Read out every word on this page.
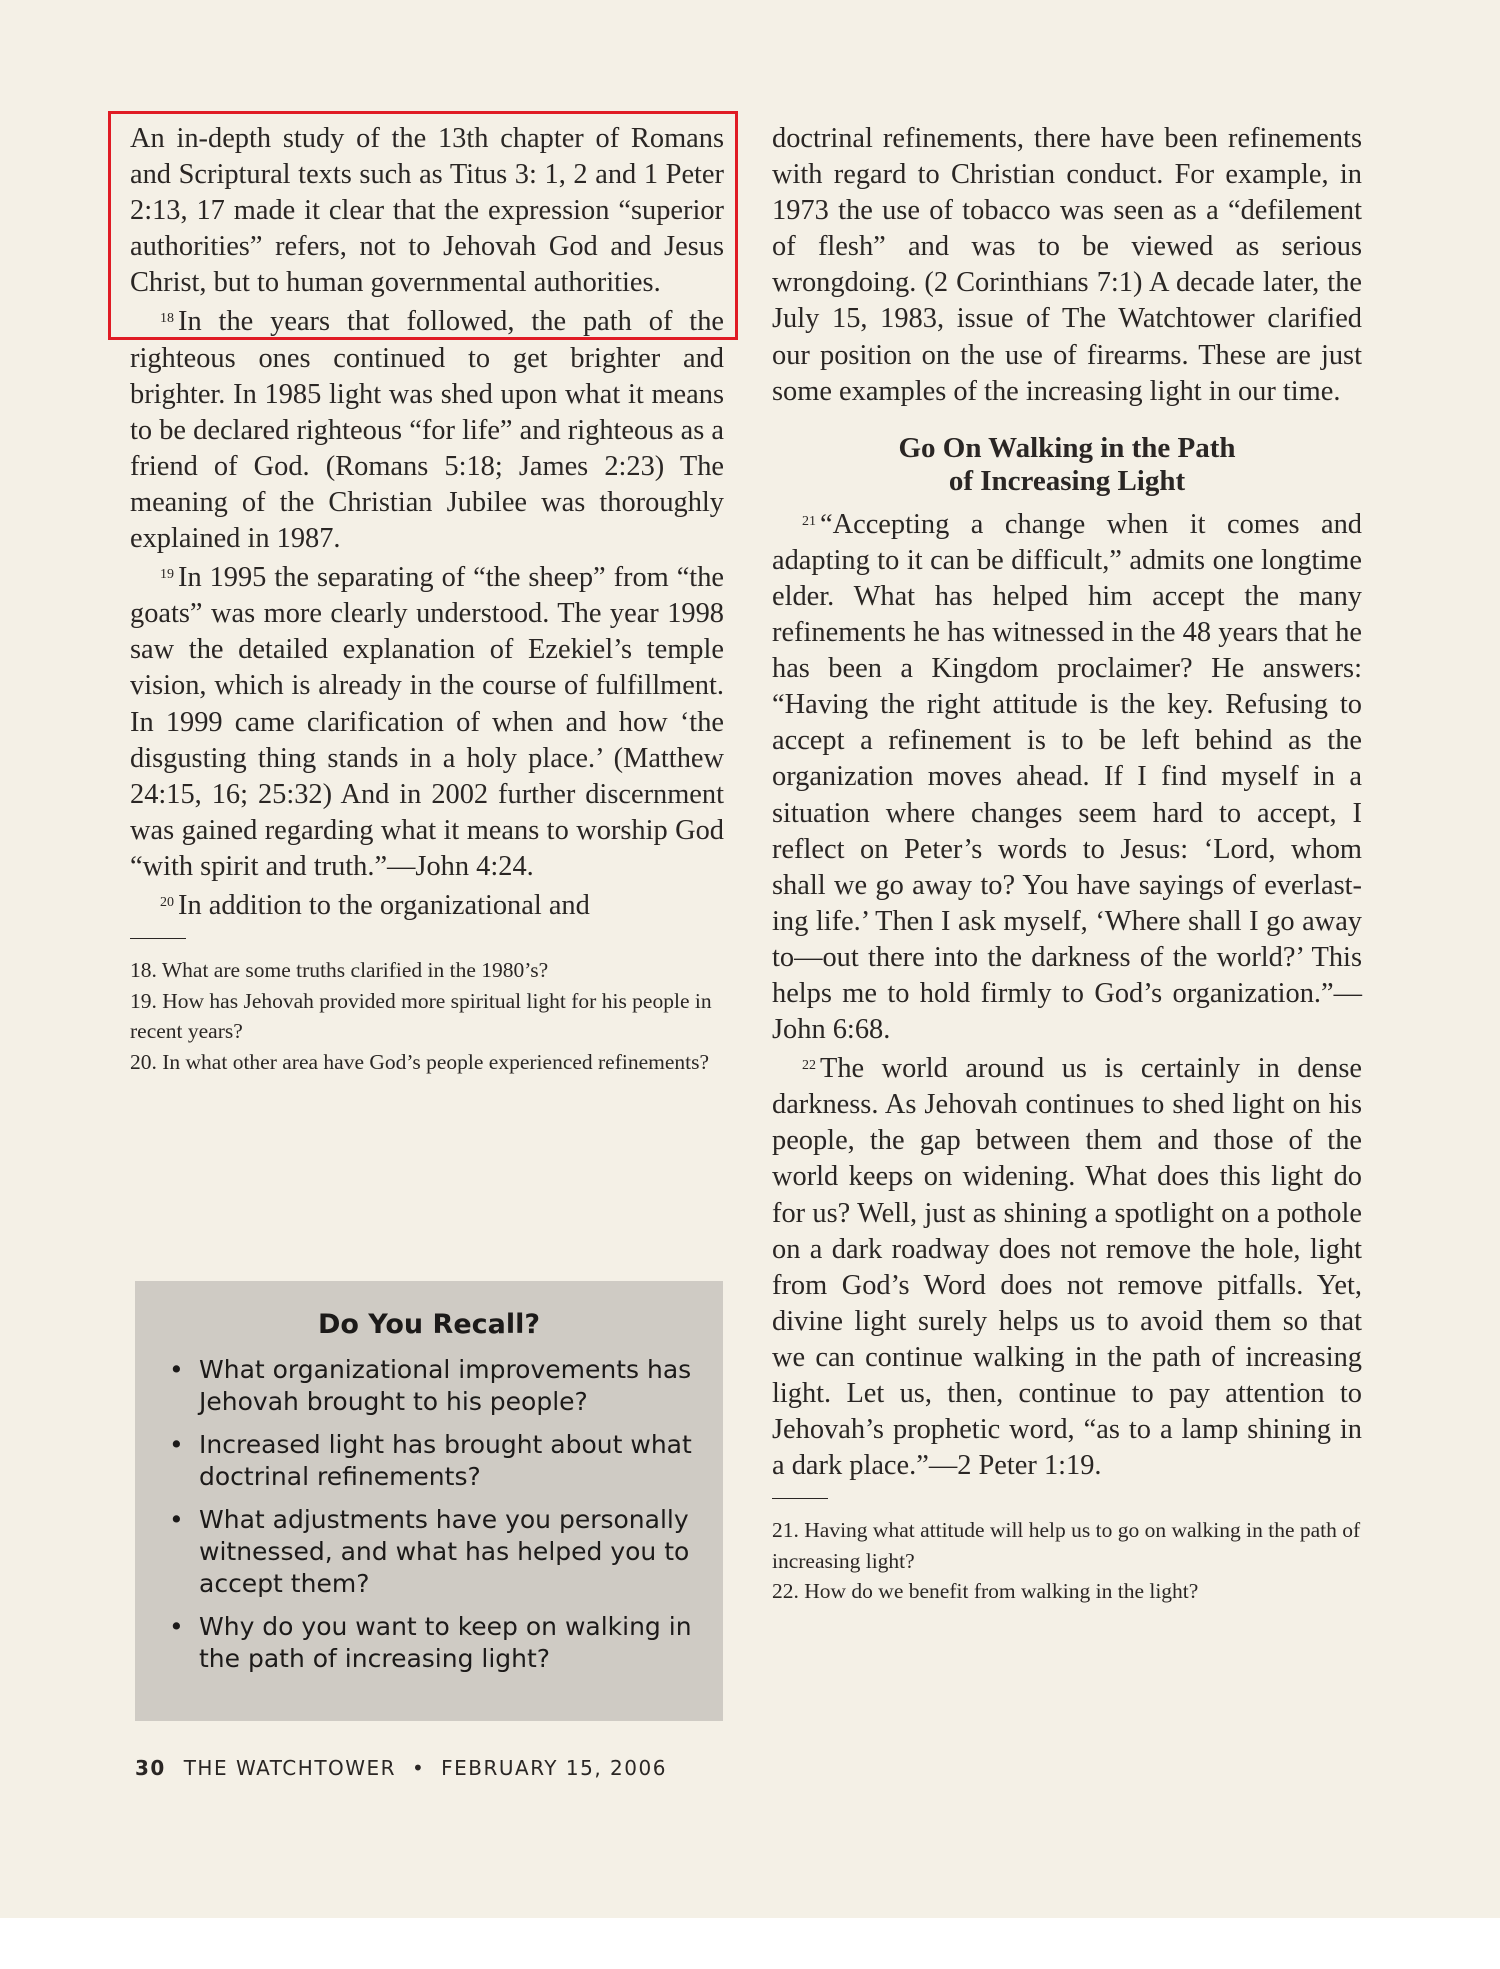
An in-depth study of the 13th chapter of Romans and Scriptural texts such as Titus 3: 1, 2 and 1 Peter 2:13, 17 made it clear that the expression “superior authorities” refers, not to Jehovah God and Jesus Christ, but to human governmental authorities.

$^{18}$ In the years that followed, the path of the righteous ones continued to get brighter and brighter. In 1985 light was shed upon what it means to be declared righteous “for life” and righteous as a friend of God. (Romans 5:18; James 2:23) The meaning of the Christian Jubilee was thoroughly explained in 1987.

$^{19}$ In 1995 the separating of “the sheep” from “the goats” was more clearly understood. The year 1998 saw the detailed explanation of Ezekiel’s temple vision, which is already in the course of fulfillment. In 1999 came clarification of when and how ‘the disgusting thing stands in a holy place.’ (Matthew 24:15, 16; 25:32) And in 2002 further discernment was gained regarding what it means to worship God “with spirit and truth.”—John 4:24.

$^{20}$ In addition to the organizational and

18. What are some truths clarified in the 1980’s?

19. How has Jehovah provided more spiritual light for his people in recent years?

20. In what other area have God’s people experienced refinements?

Do You Recall?
• What organizational improvements has Jehovah brought to his people?
• Increased light has brought about what doctrinal refinements?
• What adjustments have you personally witnessed, and what has helped you to accept them?
• Why do you want to keep on walking in the path of increasing light?

doctrinal refinements, there have been refinements with regard to Christian conduct. For example, in 1973 the use of tobacco was seen as a “defilement of flesh” and was to be viewed as serious wrongdoing. (2 Corinthians 7:1) A decade later, the July 15, 1983, issue of The Watchtower clarified our position on the use of firearms. These are just some examples of the increasing light in our time.

Go On Walking in the Path
of Increasing Light

$^{21}$ “Accepting a change when it comes and adapting to it can be difficult,” admits one longtime elder. What has helped him accept the many refinements he has witnessed in the 48 years that he has been a Kingdom proclaimer? He answers: “Having the right attitude is the key. Refusing to accept a refinement is to be left behind as the organization moves ahead. If I find myself in a situation where changes seem hard to accept, I reflect on Peter’s words to Jesus: ‘Lord, whom shall we go away to? You have sayings of everlasting life.’ Then I ask myself, ‘Where shall I go away to—out there into the darkness of the world?’ This helps me to hold firmly to God’s organization.”—John 6:68.

$^{22}$ The world around us is certainly in dense darkness. As Jehovah continues to shed light on his people, the gap between them and those of the world keeps on widening. What does this light do for us? Well, just as shining a spotlight on a pothole on a dark roadway does not remove the hole, light from God’s Word does not remove pitfalls. Yet, divine light surely helps us to avoid them so that we can continue walking in the path of increasing light. Let us, then, continue to pay attention to Jehovah’s prophetic word, “as to a lamp shining in a dark place.”—2 Peter 1:19.

21. Having what attitude will help us to go on walking in the path of increasing light?

22. How do we benefit from walking in the light?

30 THE WATCHTOWER • FEBRUARY 15, 2006
